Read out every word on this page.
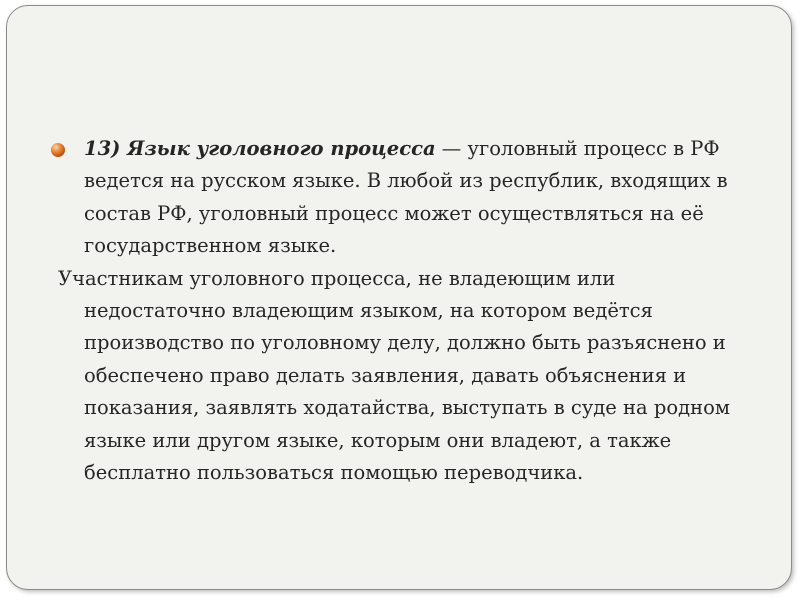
13) Язык уголовного процесса — уголовный процесс в РФ ведется на русском языке. В любой из республик, входящих в состав РФ, уголовный процесс может осуществляться на её государственном языке.

Участникам уголовного процесса, не владеющим или недостаточно владеющим языком, на котором ведётся производство по уголовному делу, должно быть разъяснено и обеспечено право делать заявления, давать объяснения и показания, заявлять ходатайства, выступать в суде на родном языке или другом языке, которым они владеют, а также бесплатно пользоваться помощью переводчика.
